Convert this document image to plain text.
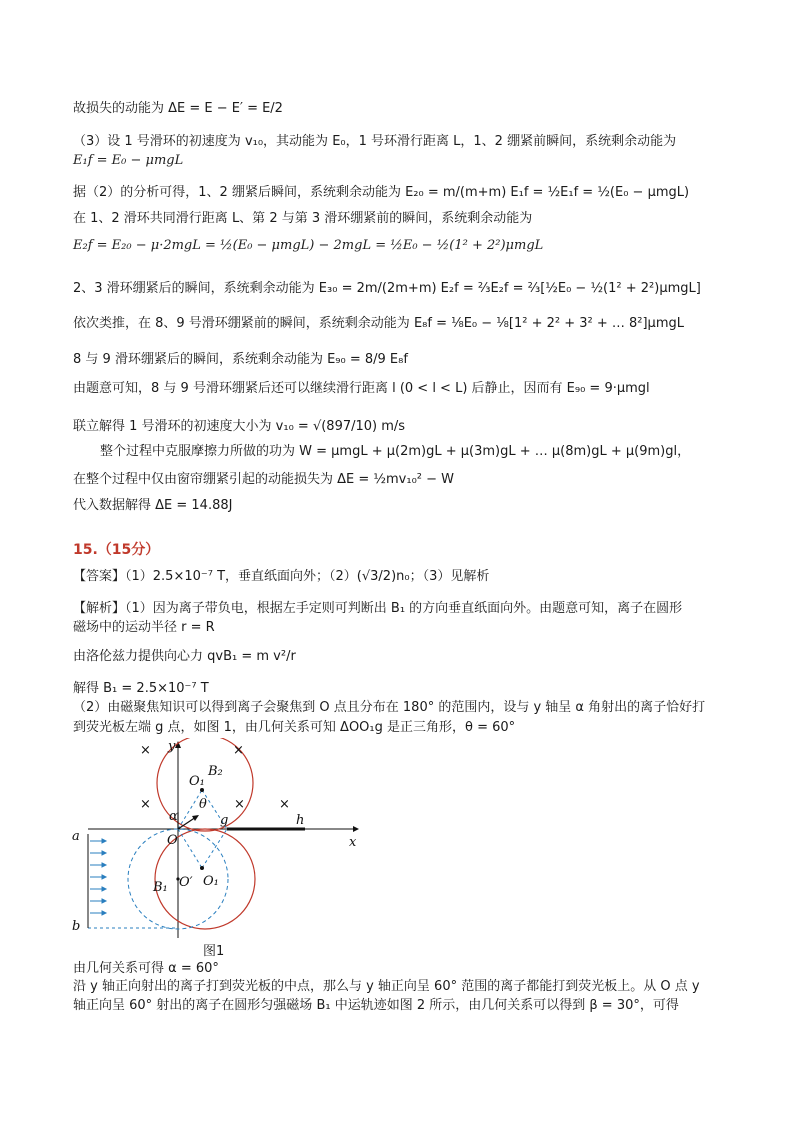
故损失的动能为 ΔE = E − E′ = E/2
（3）设 1 号滑环的初速度为 v₁₀，其动能为 E₀，1 号环滑行距离 L，1、2 绷紧前瞬间，系统剩余动能为
E₁f = E₀ − μmgL
据（2）的分析可得，1、2 绷紧后瞬间，系统剩余动能为 E₂₀ = m/(m+m) E₁f = ½E₁f = ½(E₀ − μmgL)
在 1、2 滑环共同滑行距离 L、第 2 与第 3 滑环绷紧前的瞬间，系统剩余动能为
E₂f = E₂₀ − μ·2mgL = ½(E₀ − μmgL) − 2mgL = ½E₀ − ½(1² + 2²)μmgL
2、3 滑环绷紧后的瞬间，系统剩余动能为 E₃₀ = 2m/(2m+m) E₂f = ⅔E₂f = ⅔[½E₀ − ½(1² + 2²)μmgL]
依次类推，在 8、9 号滑环绷紧前的瞬间，系统剩余动能为 E₈f = ⅛E₀ − ⅛[1² + 2² + 3² + … 8²]μmgL
8 与 9 滑环绷紧后的瞬间，系统剩余动能为 E₉₀ = 8/9 E₈f
由题意可知，8 与 9 号滑环绷紧后还可以继续滑行距离 l (0 < l < L) 后静止，因而有 E₉₀ = 9·μmgl
联立解得 1 号滑环的初速度大小为 v₁₀ = √(897/10) m/s
整个过程中克服摩擦力所做的功为 W = μmgL + μ(2m)gL + μ(3m)gL + … μ(8m)gL + μ(9m)gl，
在整个过程中仅由窗帘绷紧引起的动能损失为 ΔE = ½mv₁₀² − W
代入数据解得 ΔE = 14.88J
15.（15分）
【答案】（1）2.5×10⁻⁷ T，垂直纸面向外；（2）(√3/2)n₀；（3）见解析
【解析】（1）因为离子带负电，根据左手定则可判断出 B₁ 的方向垂直纸面向外。由题意可知，离子在圆形
磁场中的运动半径 r = R
由洛伦兹力提供向心力 qvB₁ = m v²/r
解得 B₁ = 2.5×10⁻⁷ T
（2）由磁聚焦知识可以得到离子会聚焦到 O 点且分布在 180° 的范围内，设与 y 轴呈 α 角射出的离子恰好打
到荧光板左端 g 点，如图 1，由几何关系可知 ΔOO₁g 是正三角形，θ = 60°
y
x
O
O₁
B₂
θ
α	g	h
a
b
O′ O₁
B₁
×	×
×	×	×
图1
由几何关系可得 α = 60°
沿 y 轴正向射出的离子打到荧光板的中点，那么与 y 轴正向呈 60° 范围的离子都能打到荧光板上。从 O 点 y
轴正向呈 60° 射出的离子在圆形匀强磁场 B₁ 中运轨迹如图 2 所示，由几何关系可以得到 β = 30°，可得
